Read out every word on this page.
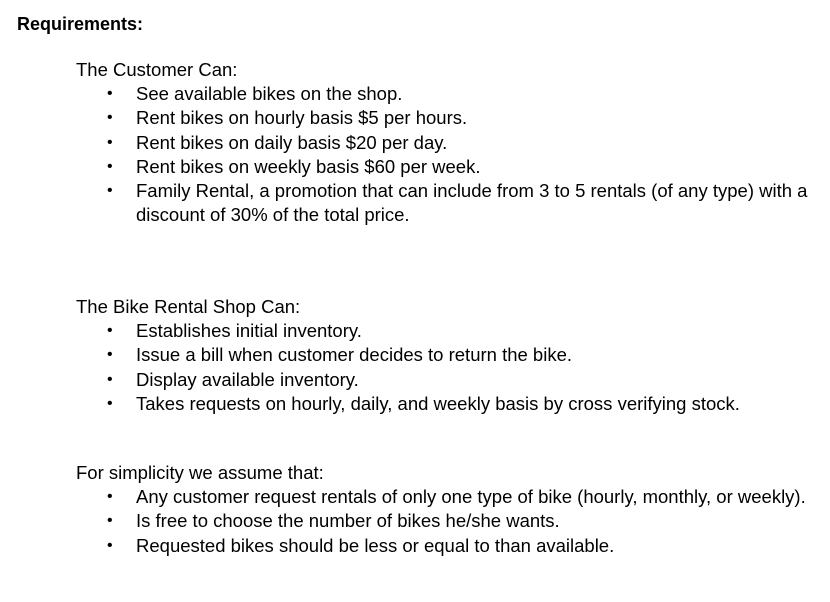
Requirements:

The Customer Can:

• See available bikes on the shop.
• Rent bikes on hourly basis $5 per hours.
• Rent bikes on daily basis $20 per day.
• Rent bikes on weekly basis $60 per week.
• Family Rental, a promotion that can include from 3 to 5 rentals (of any type) with a discount of 30% of the total price.

The Bike Rental Shop Can:

• Establishes initial inventory.
• Issue a bill when customer decides to return the bike.
• Display available inventory.
• Takes requests on hourly, daily, and weekly basis by cross verifying stock.

For simplicity we assume that:

• Any customer request rentals of only one type of bike (hourly, monthly, or weekly).
• Is free to choose the number of bikes he/she wants.
• Requested bikes should be less or equal to than available.
